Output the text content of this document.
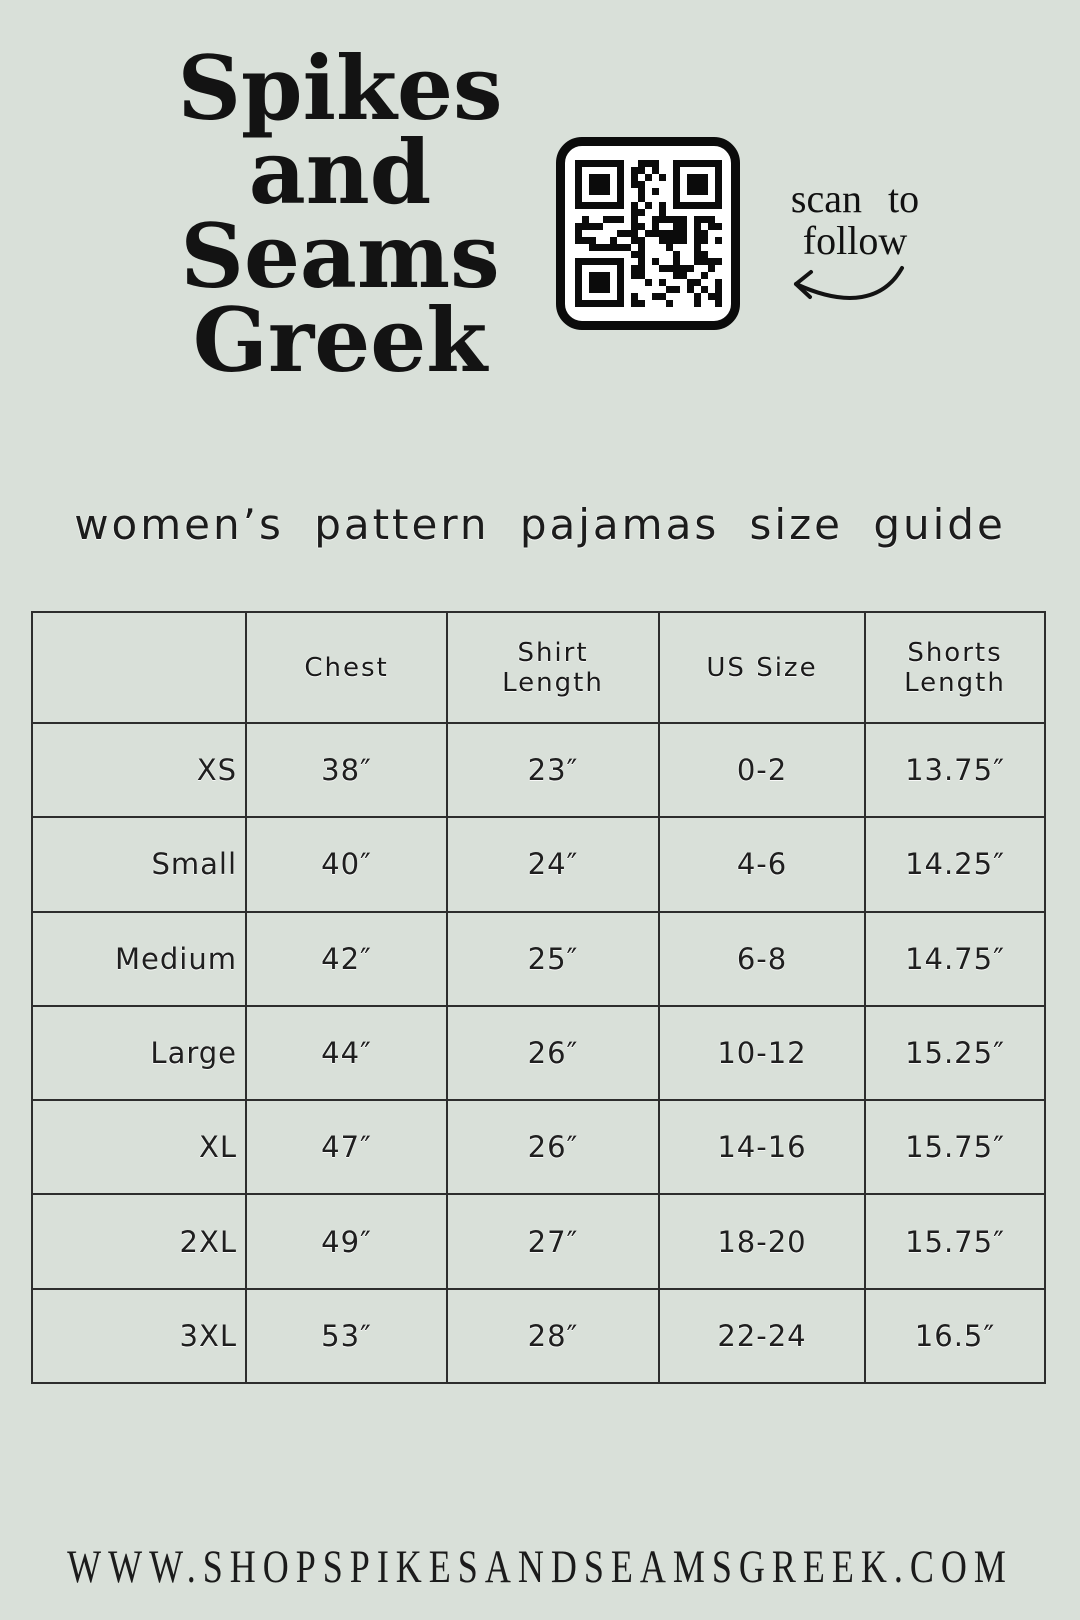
Spikes
and
Seams
Greek
scan to
follow
women’s pattern pajamas size guide
	Chest	Shirt Length	US Size	Shorts Length
XS	38″	23″	0-2	13.75″
Small	40″	24″	4-6	14.25″
Medium	42″	25″	6-8	14.75″
Large	44″	26″	10-12	15.25″
XL	47″	26″	14-16	15.75″
2XL	49″	27″	18-20	15.75″
3XL	53″	28″	22-24	16.5″
WWW.SHOPSPIKESANDSEAMSGREEK.COM
